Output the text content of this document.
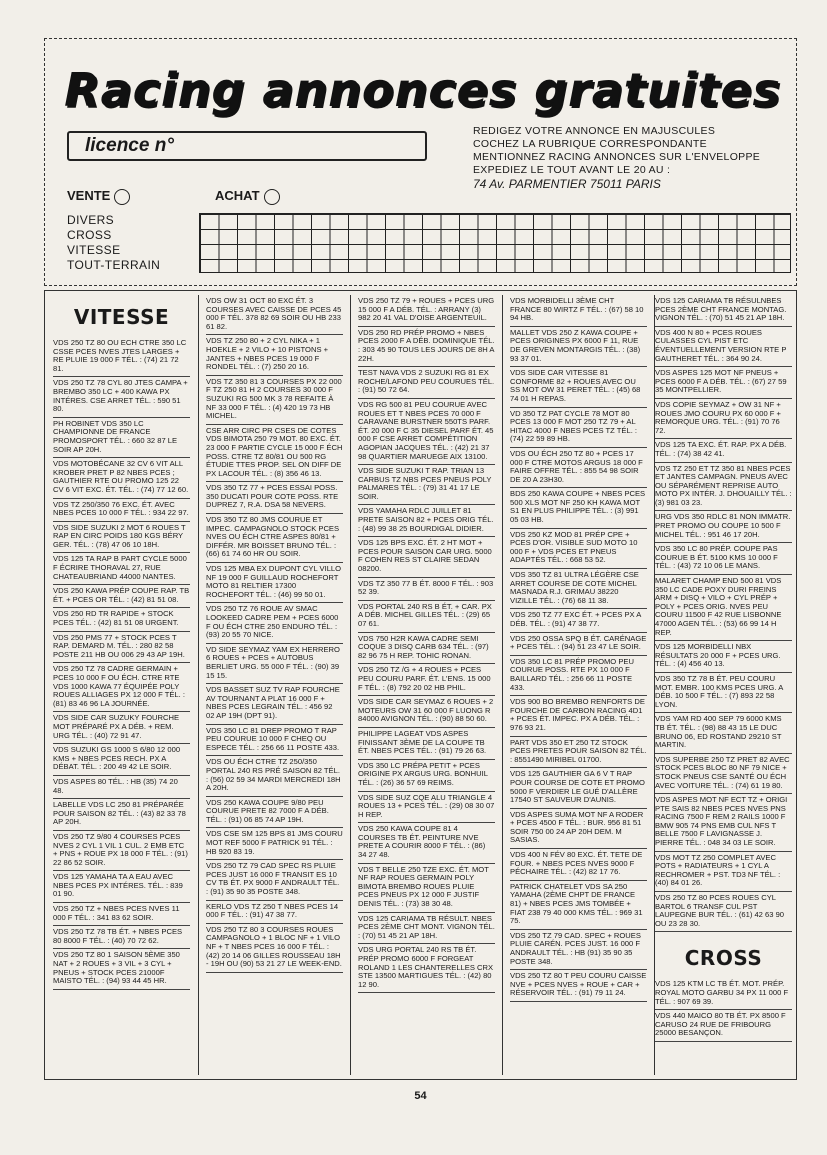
Racing annonces gratuites
licence n°
REDIGEZ VOTRE ANNONCE EN MAJUSCULES
COCHEZ LA RUBRIQUE CORRESPONDANTE
MENTIONNEZ RACING ANNONCES SUR L'ENVELOPPE
EXPEDIEZ LE TOUT AVANT LE 20 AU :
74 Av. PARMENTIER 75011 PARIS
VENTE	ACHAT
DIVERS
CROSS
VITESSE
TOUT-TERRAIN
VITESSE
VDS 250 TZ 80 OU ECH CTRE 350 LC CSSE PCES NVES JTES LARGES + RE PLUIE 19 000 F TÉL. : (74) 21 72 81.
VDS 250 TZ 78 CYL 80 JTES CAMPA + BREMBO 350 LC + 400 KAWA PX INTÉRES. CSE ARRET TÉL. : 590 51 80.
PH ROBINET VDS 350 LC CHAMPIONNE DE FRANCE PROMOSPORT TÉL. : 660 32 87 LE SOIR AP 20H.
VDS MOTOBÉCANE 32 CV 6 VIT ALL KROBER PRET P 82 NBES PCES ; GAUTHIER RTE OU PROMO 125 22 CV 6 VIT EXC. ÉT. TÉL. : (74) 77 12 60.
VDS TZ 250/350 76 EXC. ÉT. AVEC NBES PCES 10 000 F TÉL. : 934 22 97.
VDS SIDE SUZUKI 2 MOT 6 ROUES T RAP EN CIRC POIDS 180 KGS BÉRY GER. TÉL. : (78) 47 06 10 18H.
VDS 125 TA RAP B PART CYCLE 5000 F ÉCRIRE THORAVAL 27, RUE CHATEAUBRIAND 44000 NANTES.
VDS 250 KAWA PRÉP COUPE RAP. TB ÉT. + PCES OR TÉL. : (42) 81 51 08.
VDS 250 RD TR RAPIDE + STOCK PCES TÉL. : (42) 81 51 08 URGENT.
VDS 250 PMS 77 + STOCK PCES T RAP. DEMARD M. TÉL. : 280 82 58 POSTE 211 HB OU 006 29 43 AP 19H.
VDS 250 TZ 78 CADRE GERMAIN + PCES 10 000 F OU ÉCH. CTRE RTE VDS 1000 KAWA 77 ÉQUIPÉE POLY ROUES ALLIAGES PX 12 000 F TÉL. : (81) 83 46 96 LA JOURNÉE.
VDS SIDE CAR SUZUKY FOURCHE MOT PRÉPARÉ PX A DÉB. + REM. URG TÉL. : (40) 72 91 47.
VDS SUZUKI GS 1000 S 6/80 12 000 KMS + NBES PCES RECH. PX A DÉBAT. TÉL. : 200 49 42 LE SOIR.
VDS ASPES 80 TÉL. : HB (35) 74 20 48.
LABELLE VDS LC 250 81 PRÉPARÉE POUR SAISON 82 TÉL. : (43) 82 33 78 AP 20H.
VDS 250 TZ 9/80 4 COURSES PCES NVES 2 CYL 1 VIL 1 CUL. 2 EMB ETC + PNS + ROUE PX 18 000 F TÉL. : (91) 22 86 52 SOIR.
VDS 125 YAMAHA TA A EAU AVEC NBES PCES PX INTÉRES. TÉL. : 839 01 90.
VDS 250 TZ + NBES PCES NVES 11 000 F TÉL. : 341 83 62 SOIR.
VDS 250 TZ 78 TB ÉT. + NBES PCES 80 8000 F TÉL. : (40) 70 72 62.
VDS 250 TZ 80 1 SAISON 5ÈME 350 NAT + 2 ROUES + 3 VIL + 3 CYL + PNEUS + STOCK PCES 21000F MAISTO TÉL. : (94) 93 44 45 HR.
VDS OW 31 OCT 80 EXC ÉT. 3 COURSES AVEC CAISSE DE PCES 45 000 F TÉL. 378 82 69 SOIR OU HB 233 61 82.
VDS TZ 250 80 + 2 CYL NIKA + 1 HOEKLE + 2 VILO + 10 PISTONS + JANTES + NBES PCES 19 000 F RONDEL TÉL. : (7) 250 20 16.
VDS TZ 350 81 3 COURSES PX 22 000 F TZ 250 81 H 2 COURSES 30 000 F SUZUKI RG 500 MK 3 78 REFAITE À NF 33 000 F TÉL. : (4) 420 19 73 HB MICHEL.
CSE ARR CIRC PR CSES DE COTES VDS BIMOTA 250 79 MOT. 80 EXC. ÉT. 23 000 F PARTIE CYCLE 15 000 F ÉCH POSS. CTRE TZ 80/81 OU 500 RG ÉTUDIE TTES PROP. SEL ON DIFF DE PX LACOUR TÉL. : (8) 356 46 13.
VDS 350 TZ 77 + PCES ESSAI POSS. 350 DUCATI POUR COTE POSS. RTE DUPREZ 7, R.A. DSA 58 NEVERS.
VDS 350 TZ 80 JMS COURUE ET IMPEC. CAMPAGNOLO STOCK PCES NVES OU ÉCH CTRE ASPES 80/81 + DIFFÉR. MR BOISSET BRUNO TÉL. : (66) 61 74 60 HR OU SOIR.
VDS 125 MBA EX DUPONT CYL VILLO NF 19 000 F GUILLAUD ROCHEFORT MOTO 81 RELTIER 17300 ROCHEFORT TÉL. : (46) 99 50 01.
VDS 250 TZ 76 ROUE AV SMAC LOOKEED CADRE PEM + PCES 6000 F OU ÉCH CTRE 250 ENDURO TÉL. : (93) 20 55 70 NICE.
VD SIDE SEYMAZ YAM EX HERRERO 6 ROUES + PCES + AUTOBUS BERLIET URG. 55 000 F TÉL. : (90) 39 15 15.
VDS BASSET SUZ TV RAP FOURCHE AV TOURNANT A PLAT 16 000 F + NBES PCES LEGRAIN TÉL. : 456 92 02 AP 19H (DPT 91).
VDS 350 LC 81 DREP PROMO T RAP PEU COURUE 10 000 F CHEQ OU ESPECE TÉL. : 256 66 11 POSTE 433.
VDS OU ÉCH CTRE TZ 250/350 PORTAL 240 RS PRÉ SAISON 82 TÉL. : (56) 02 59 34 MARDI MERCREDI 18H A 20H.
VDS 250 KAWA COUPE 9/80 PEU COURUE PRETE 82 7000 F A DÉB. TÉL. : (91) 06 85 74 AP 19H.
VDS CSE SM 125 BPS 81 JMS COURU MOT REF 5000 F PATRICK 91 TÉL. : HB 920 83 19.
VDS 250 TZ 79 CAD SPEC RS PLUIE PCES JUST 16 000 F TRANSIT ES 10 CV TB ÉT. PX 9000 F ANDRAULT TÉL. : (91) 35 90 35 POSTE 348.
KERLO VDS TZ 250 T NBES PCES 14 000 F TÉL. : (91) 47 38 77.
VDS 250 TZ 80 3 COURSES ROUES CAMPAGNOLO + 1 BLOC NF + 1 VILO NF + T NBES PCES 16 000 F TÉL. : (42) 20 14 06 GILLES ROUSSEAU 18H - 19H OU (90) 53 21 27 LE WEEK-END.
VDS 250 TZ 79 + ROUES + PCES URG 15 000 F A DÉB. TÉL. : ARRANY (3) 982 20 41 VAL D'OISE ARGENTEUIL.
VDS 250 RD PRÉP PROMO + NBES PCES 2000 F A DÉB. DOMINIQUE TÉL. : 303 45 90 TOUS LES JOURS DE 8H A 22H.
TEST NAVA VDS 2 SUZUKI RG 81 EX ROCHE/LAFOND PEU COURUES TÉL. : (91) 50 72 64.
VDS RG 500 81 PEU COURUE AVEC ROUES ET T NBES PCES 70 000 F CARAVANE BURSTNER 550TS PARF. ÉT. 20 000 F C 35 DIESEL PARF ÉT. 45 000 F CSE ARRET COMPÉTITION AGOPIAN JACQUES TÉL. : (42) 21 37 98 QUARTIER MARUEGE AIX 13100.
VDS SIDE SUZUKI T RAP. TRIAN 13 CARBUS TZ NBS PCES PNEUS POLY PALMARES TÉL. : (79) 31 41 17 LE SOIR.
VDS YAMAHA RDLC JUILLET 81 PRETE SAISON 82 + PCES ORIG TÉL. : (48) 99 38 25 BOURDIGAL DIDIER.
VDS 125 BPS EXC. ÉT. 2 HT MOT + PCES POUR SAISON CAR URG. 5000 F COHEN RES ST CLAIRE SEDAN 08200.
VDS TZ 350 77 B ÉT. 8000 F TÉL. : 903 52 39.
VDS PORTAL 240 RS B ÉT. + CAR. PX A DÉB. MICHEL GILLES TÉL. : (29) 65 07 61.
VDS 750 H2R KAWA CADRE SEMI COQUE 3 DISQ CARB 634 TÉL. : (97) 82 96 75 H REP. TOHIC RONAN.
VDS 250 TZ /G + 4 ROUES + PCES PEU COURU PARF. ÉT. L'ENS. 15 000 F TÉL. : (8) 792 20 02 HB PHIL.
VDS SIDE CAR SEYMAZ 6 ROUES + 2 MOTEURS OW 31 60 000 F LUONG R 84000 AVIGNON TÉL. : (90) 88 50 60.
PHILIPPE LAGEAT VDS ASPES FINISSANT 3ÈME DE LA COUPE TB ÉT. NBES PCES TÉL. : (91) 79 26 63.
VDS 350 LC PRÉPA PETIT + PCES ORIGINE PX ARGUS URG. BONHUIL TÉL. : (26) 36 57 69 REIMS.
VDS SIDE SUZ CQE ALU TRIANGLE 4 ROUES 13 + PCES TÉL. : (29) 08 30 07 H REP.
VDS 250 KAWA COUPE 81 4 COURSES TB ÉT. PEINTURE NVE PRETE A COURIR 8000 F TÉL. : (86) 34 27 48.
VDS T BELLE 250 TZE EXC. ÉT. MOT NF RAP ROUES GERMAIN POLY BIMOTA BREMBO ROUES PLUIE PCES PNEUS PX 12 000 F JUSTIF DENIS TÉL. : (73) 38 30 48.
VDS 125 CARIAMA TB RÉSULT. NBES PCES 2ÈME CHT MONT. VIGNON TÉL. : (70) 51 45 21 AP 18H.
VDS URG PORTAL 240 RS TB ÉT. PRÉP PROMO 6000 F FORGEAT ROLAND 1 LES CHANTERELLES CRX STE 13500 MARTIGUES TÉL. : (42) 80 12 90.
VDS MORBIDELLI 3ÈME CHT FRANCE 80 WIRTZ F TÉL. : (67) 58 10 94 HB.
MALLET VDS 250 Z KAWA COUPE + PCES ORIGINES PX 6000 F 11, RUE DE GREVEN MONTARGIS TÉL. : (38) 93 37 01.
VDS SIDE CAR VITESSE 81 CONFORME 82 + ROUES AVEC OU SS MOT OW 31 PERET TÉL. : (45) 68 74 01 H REPAS.
VD 350 TZ PAT CYCLE 78 MOT 80 PCES 13 000 F MOT 250 TZ 79 + AL HITAC 4000 F NBES PCES TZ TÉL. : (74) 22 59 89 HB.
VDS OU ÉCH 250 TZ 80 + PCES 17 000 F CTRE MOTOS ARGUS 18 000 F FAIRE OFFRE TÉL. : 855 54 98 SOIR DE 20 A 23H30.
BDS 250 KAWA COUPE + NBES PCES 500 XLS MOT NF 250 KH KAWA MOT S1 EN PLUS PHILIPPE TÉL. : (3) 991 05 03 HB.
VDS 250 KZ MOD 81 PRÉP CPE + PCES D'OR. VISIBLE SUD MOTO 10 000 F + VDS PCES ET PNEUS ADAPTÉS TÉL. : 668 53 52.
VDS 350 TZ 81 ULTRA LÉGÈRE CSE ARRET COURSE DE COTE MICHEL MASNADA R.J. GRIMAU 38220 VIZILLE TÉL. : (76) 68 11 38.
VDS 250 TZ 77 EXC ÉT. + PCES PX A DÉB. TÉL. : (91) 47 38 77.
VDS 250 OSSA SPQ B ÉT. CARÉNAGE + PCES TÉL. : (94) 51 23 47 LE SOIR.
VDS 350 LC 81 PRÉP PROMO PEU COURUE POSS. RTE PX 10 000 F BAILLARD TÉL. : 256 66 11 POSTE 433.
VDS 900 BO BREMBO RENFORTS DE FOURCHE DE CARBON RACING 4D1 + PCES ÉT. IMPEC. PX A DÉB. TÉL. : 976 93 21.
PART VDS 350 ET 250 TZ STOCK PCES PRETES POUR SAISON 82 TÉL. : 8551490 MIRIBEL 01700.
VDS 125 GAUTHIER GA 6 V T RAP POUR COURSE DE COTE ET PROMO 5000 F VERDIER LE GUÉ D'ALLÈRE 17540 ST SAUVEUR D'AUNIS.
VDS ASPES SUMA MOT NF A RODER + PCES 4500 F TÉL. : BUR. 956 81 51 SOIR 750 00 24 AP 20H DEM. M SASIAS.
VDS 400 N FÉV 80 EXC. ÉT. TETE DE FOUR. + NBES PCES NVES 9000 F PÉCHAIRE TÉL. : (42) 82 17 76.
PATRICK CHATELET VDS SA 250 YAMAHA (2ÈME CHPT DE FRANCE 81) + NBES PCES JMS TOMBÉE + FIAT 238 79 40 000 KMS TÉL. : 969 31 75.
VDS 250 TZ 79 CAD. SPEC + ROUES PLUIE CARÉN. PCES JUST. 16 000 F ANDRAULT TÉL. : HB (91) 35 90 35 POSTE 348.
VDS 250 TZ 80 T PEU COURU CAISSE NVE + PCES NVES + ROUE + CAR + RÉSERVOIR TÉL. : (91) 79 11 24.
VDS 125 CARIAMA TB RÉSULNBES PCES 2ÈME CHT FRANCE MONTAG. VIGNON TÉL. : (70) 51 45 21 AP 18H.
VDS 400 N 80 + PCES ROUES CULASSES CYL PIST ETC ÉVENTUELLEMENT VERSION RTE P GAUTHERET TÉL. : 364 90 24.
VDS ASPES 125 MOT NF PNEUS + PCES 6000 F A DÉB. TÉL. : (67) 27 59 35 MONTPELLIER.
VDS COPIE SEYMAZ + OW 31 NF + ROUES JMO COURU PX 60 000 F + REMORQUE URG. TÉL. : (91) 70 76 72.
VDS 125 TA EXC. ÉT. RAP. PX A DÉB. TÉL. : (74) 38 42 41.
VDS TZ 250 ET TZ 350 81 NBES PCES ET JANTES CAMPAGN. PNEUS AVEC OU SÉPARÉMENT REPRISE AUTO MOTO PX INTÉR. J. DHOUAILLY TÉL. : (3) 981 03 23.
URG VDS 350 RDLC 81 NON IMMATR. PRET PROMO OU COUPE 10 500 F MICHEL TÉL. : 951 46 17 20H.
VDS 350 LC 80 PRÉP. COUPE PAS COURUE B ÉT. 5100 KMS 10 000 F TÉL. : (43) 72 10 06 LE MANS.
MALARET CHAMP END 500 81 VDS 350 LC CADE POXY DURI FREINS ARM + DISQ + VILO + CYL PRÉP + POLY + PCES ORIG. NVES PEU COURU 11500 F 42 RUE LISBONNE 47000 AGEN TÉL. : (53) 66 99 14 H REP.
VDS 125 MORBIDELLI NBX RÉSULTATS 20 000 F + PCES URG. TÉL. : (4) 456 40 13.
VDS 350 TZ 78 B ÉT. PEU COURU MOT. EMBR. 100 KMS PCES URG. A DÉB. 10 500 F TÉL. : (7) 893 22 58 LYON.
VDS YAM RD 400 SEP 79 6000 KMS TB ÉT. TÉL. : (98) 88 43 15 LE DUC BRUNO 06, ED ROSTAND 29210 ST MARTIN.
VDS SUPERBE 250 TZ PRET 82 AVEC STOCK PCES BLOC 80 NF 79 NICE + STOCK PNEUS CSE SANTÉ OU ÉCH AVEC VOITURE TÉL. : (74) 61 19 80.
VDS ASPES MOT NF ECT TZ + ORIGI PTE SAIS 82 NBES PCES NVES PNS RACING 7500 F REM 2 RAILS 1000 F BMW 905 74 PNS EMB CUL NFS T BELLE 7500 F LAVIGNASSE J. PIERRE TÉL. : 048 34 03 LE SOIR.
VDS MOT TZ 250 COMPLET AVEC POTS + RADIATEURS + 1 CYL A RECHROMER + PST. TD3 NF TÉL. : (40) 84 01 26.
VDS 250 TZ 80 PCES ROUES CYL BARTOL 6 TRANSF CUL PST LAUPEGNE BUR TÉL. : (61) 42 63 90 OU 23 28 30.
CROSS
VDS 125 KTM LC TB ÉT. MOT. PRÉP. ROYAL MOTO GARBU 34 PX 11 000 F TÉL. : 907 69 39.
VDS 440 MAICO 80 TB ÉT. PX 8500 F CARUSO 24 RUE DE FRIBOURG 25000 BESANÇON.
54
